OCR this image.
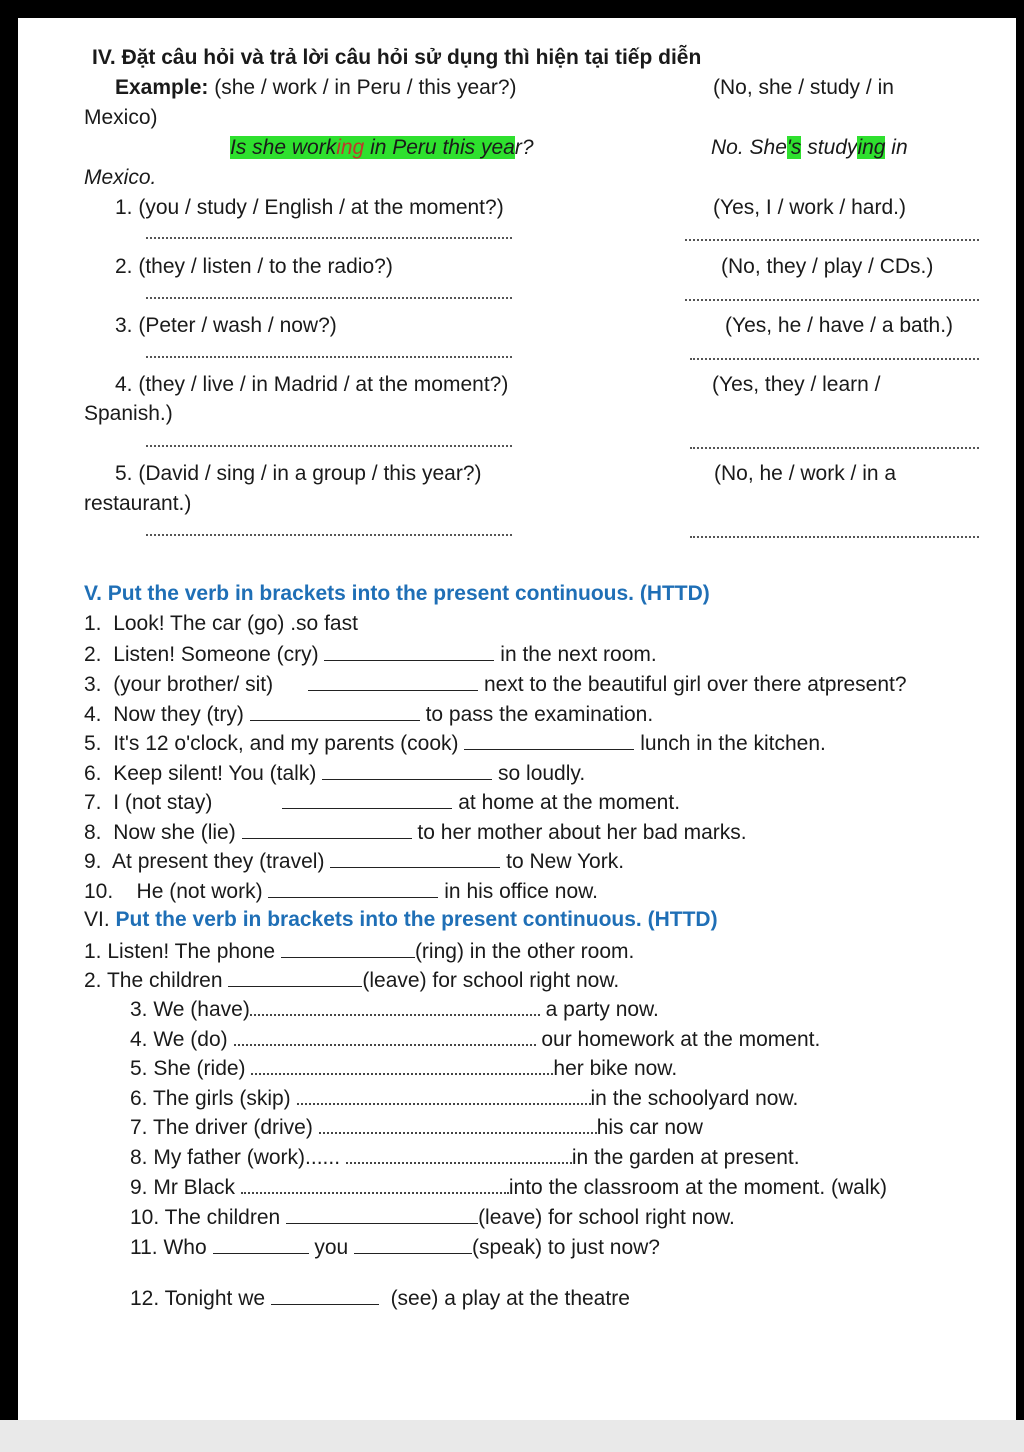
IV. Đặt câu hỏi và trả lời câu hỏi sử dụng thì hiện tại tiếp diễn
Example: (she / work / in Peru / this year?)	(No, she / study / in
Mexico)
Is she working in Peru this year?	No. She's studying in
Mexico.
1. (you / study / English / at the moment?)	(Yes, I / work / hard.)
2. (they / listen / to the radio?)	(No, they / play / CDs.)
3. (Peter / wash / now?)	(Yes, he / have / a bath.)
4. (they / live / in Madrid / at the moment?)	(Yes, they / learn /
Spanish.)
5. (David / sing / in a group / this year?)	(No, he / work / in a
restaurant.)
V. Put the verb in brackets into the present continuous. (HTTD)
1. Look! The car (go) .so fast
2. Listen! Someone (cry)	in the next room.
3. (your brother/ sit)	next to the beautiful girl over there atpresent?
4. Now they (try)	to pass the examination.
5. It's 12 o'clock, and my parents (cook)	lunch in the kitchen.
6. Keep silent! You (talk)	so loudly.
7. I (not stay)	at home at the moment.
8. Now she (lie)	to her mother about her bad marks.
9. At present they (travel)	to New York.
10. He (not work)	in his office now.
VI. Put the verb in brackets into the present continuous. (HTTD)
1. Listen! The phone	(ring) in the other room.
2. The children	(leave) for school right now.
3. We (have)	a party now.
4. We (do)	our homework at the moment.
5. She (ride)	her bike now.
6. The girls (skip)	in the schoolyard now.
7. The driver (drive)	his car now
8. My father (work)......	in the garden at present.
9. Mr Black	into the classroom at the moment. (walk)
10. The children	(leave) for school right now.
11. Who	you	(speak) to just now?
12. Tonight we	(see) a play at the theatre
